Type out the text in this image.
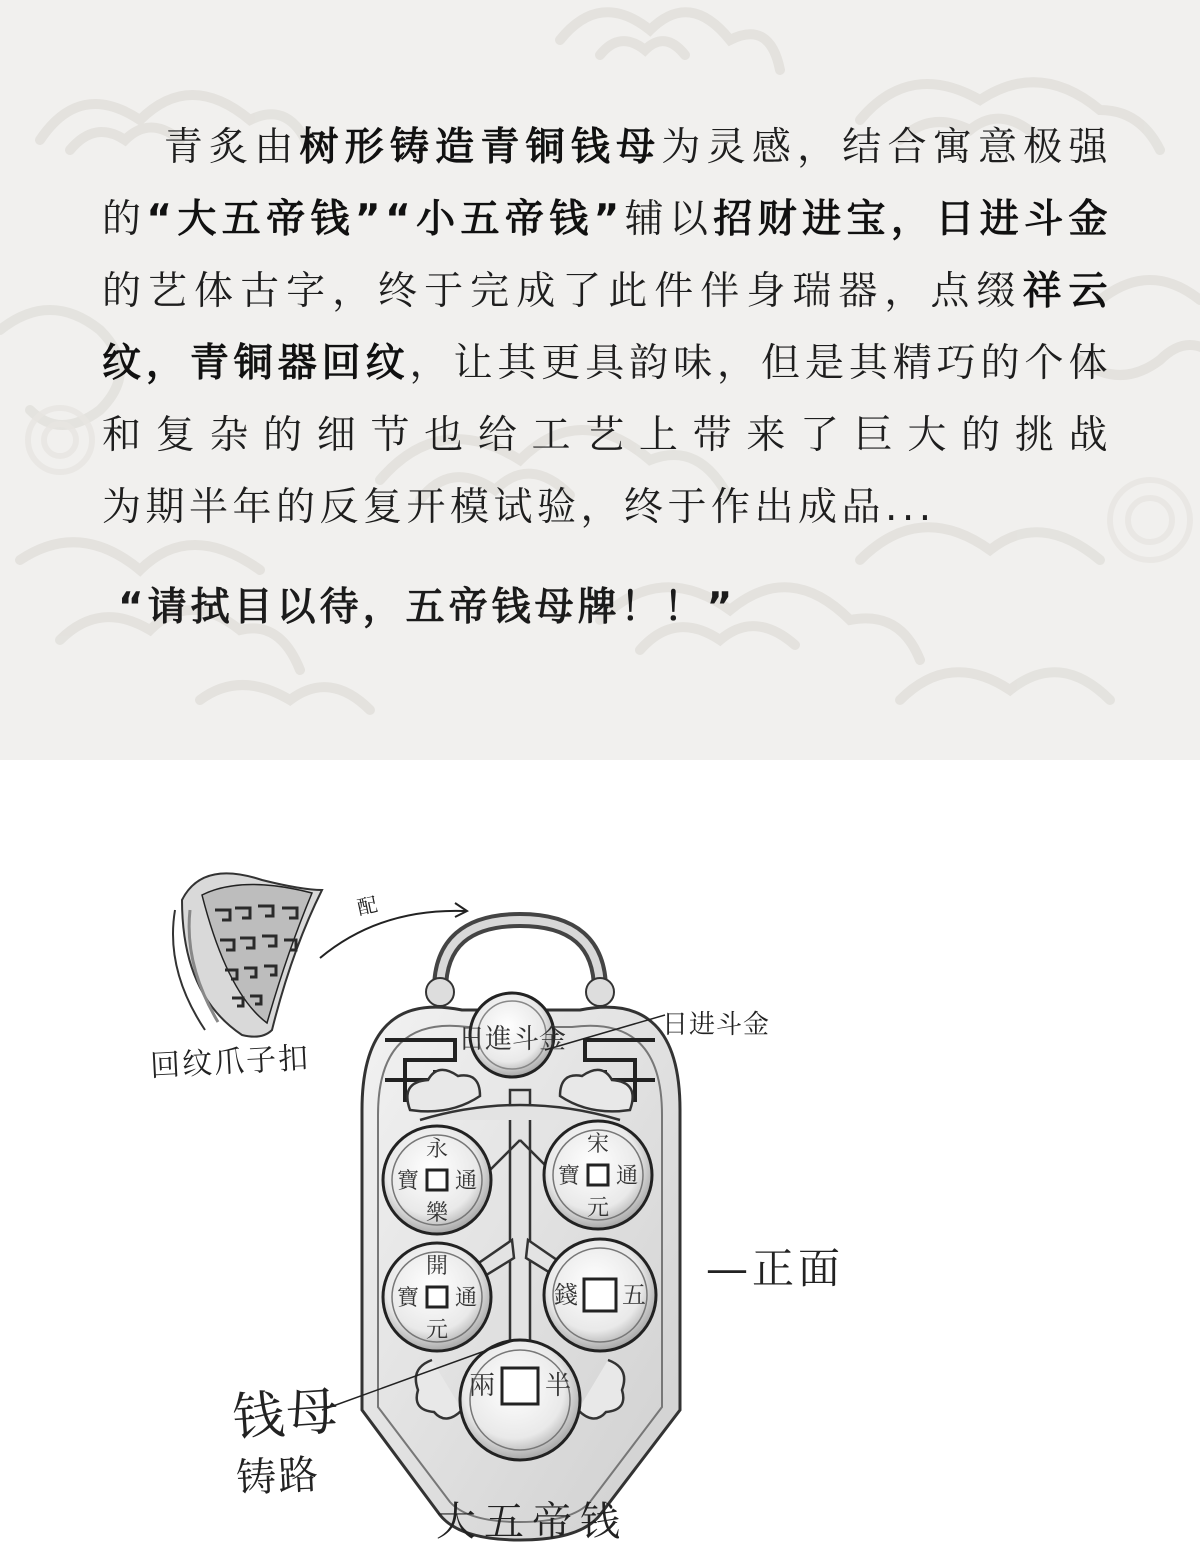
青炙由树形铸造青铜钱母为灵感，结合寓意极强的“大五帝钱”“小五帝钱”辅以招财进宝，日进斗金的艺体古字，终于完成了此件伴身瑞器，点缀祥云纹，青铜器回纹，让其更具韵味，但是其精巧的个体和复杂的细节也给工艺上带来了巨大的挑战
为期半年的反复开模试验，终于作出成品...
“请拭目以待，五帝钱母牌！！”
日進斗金
永
通
樂
寶
宋
通
元
寶
開
通
元
寶	錢 五
兩 半
配
回纹爪子扣
日进斗金
—正面
钱母
铸路
大五帝钱
